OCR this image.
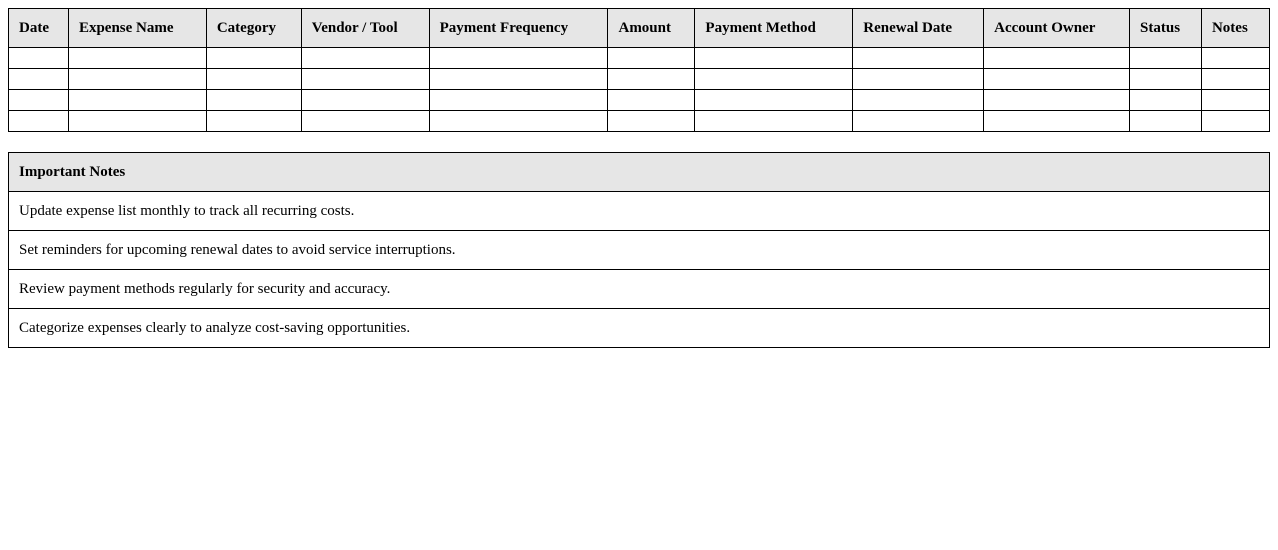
Date	Expense Name	Category	Vendor / Tool	Payment Frequency	Amount	Payment Method	Renewal Date	Account Owner	Status	Notes

Important Notes
Update expense list monthly to track all recurring costs.
Set reminders for upcoming renewal dates to avoid service interruptions.
Review payment methods regularly for security and accuracy.
Categorize expenses clearly to analyze cost-saving opportunities.
